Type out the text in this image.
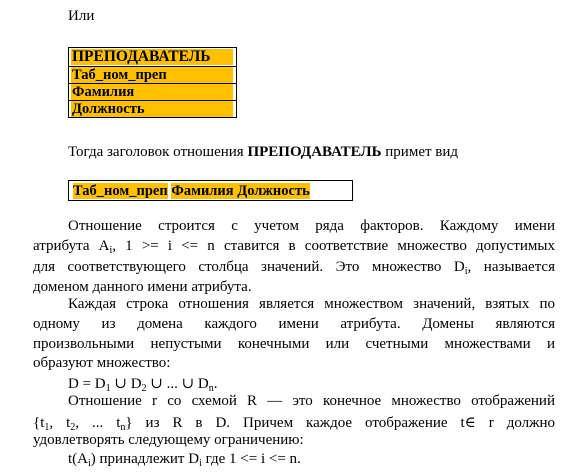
Или
ПРЕПОДАВАТЕЛЬ
Таб_ном_преп
Фамилия
Должность
Тогда заголовок отношения ПРЕПОДАВАТЕЛЬ примет вид
Таб_ном_преп
Фамилия Должность
Отношение строится с учетом ряда факторов. Каждому имени
атрибута $A_i$, 1 >= i <= n ставится в соответствие множество допустимых
для соответствующего столбца значений. Это множество $D_i$, называется
доменом данного имени атрибута.
Каждая строка отношения является множеством значений, взятых по
одному из домена каждого имени атрибута. Домены являются
произвольными непустыми конечными или счетными множествами и
образуют множество:
$D = D_1$ ∪ $D_2$ ∪ ... ∪ $D_n$.
Отношение r со схемой R — это конечное множество отображений
{$t_1$, $t_2$, ... $t_n$} из R в D. Причем каждое отображение t∈ r должно
удовлетворять следующему ограничению:
$t(A_i)$ принадлежит $D_i$ где 1 <= i <= n.
